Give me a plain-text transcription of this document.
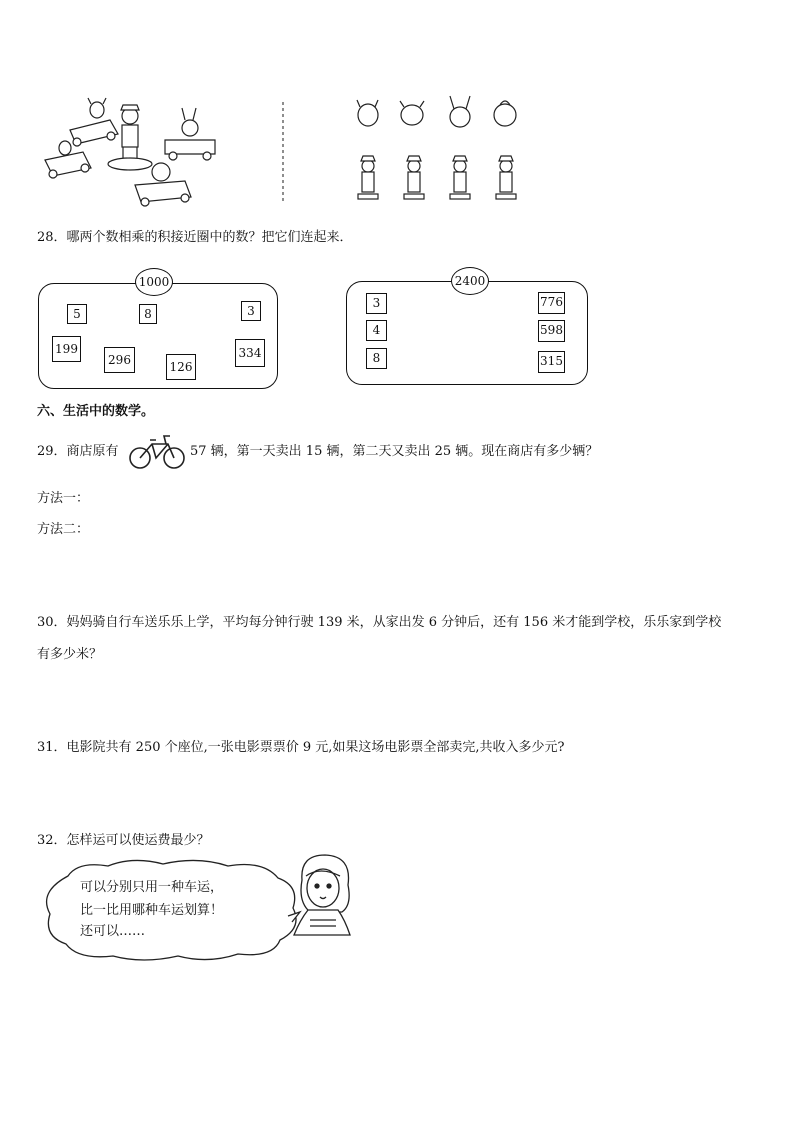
28．哪两个数相乘的积接近圈中的数？把它们连起来．
1000
5	8	3
199
296	126
334
2400
3
4
8
776
598
315
六、生活中的数学。
29．商店原有	57 辆，第一天卖出 15 辆，第二天又卖出 25 辆。现在商店有多少辆？
方法一：
方法二：
30．妈妈骑自行车送乐乐上学，平均每分钟行驶 139 米，从家出发 6 分钟后，还有 156 米才能到学校，乐乐家到学校
有多少米？
31．电影院共有 250 个座位,一张电影票票价 9 元,如果这场电影票全部卖完,共收入多少元?
32．怎样运可以使运费最少？
可以分别只用一种车运，
比一比用哪种车运划算！
还可以……
